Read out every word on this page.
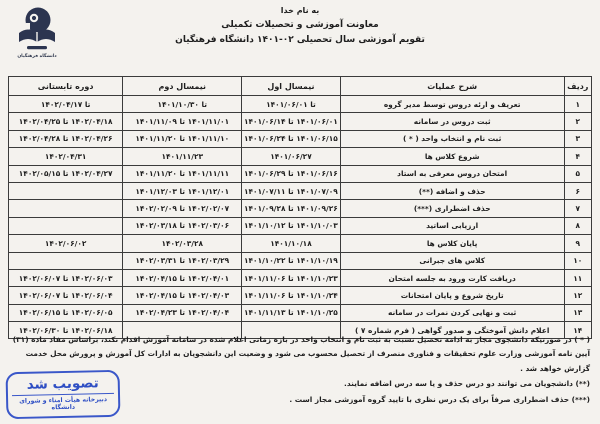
دانشگاه فرهنگیان
به نام خدا
معاونت آموزشی و تحصیلات تکمیلی
تقویم آموزشی سال تحصیلی ۰۲-۱۴۰۱ دانشگاه فرهنگیان
ردیف	شرح عملیات	نیمسال اول	نیمسال دوم	دوره تابستانی
۱	تعریف و ارئه دروس توسط مدیر گروه	تا ۱۴۰۱/۰۶/۰۱	تا ۱۴۰۱/۱۰/۳۰	تا ۱۴۰۲/۰۴/۱۷
۲	ثبت دروس در سامانه	۱۴۰۱/۰۶/۰۱ تا ۱۴۰۱/۰۶/۱۴	۱۴۰۱/۱۱/۰۱ تا ۱۴۰۱/۱۱/۰۹	۱۴۰۲/۰۴/۱۸ تا ۱۴۰۲/۰۴/۲۵
۳	ثبت نام و انتخاب واحد ( * )	۱۴۰۱/۰۶/۱۵ تا ۱۴۰۱/۰۶/۲۴	۱۴۰۱/۱۱/۱۰ تا ۱۴۰۱/۱۱/۲۰	۱۴۰۲/۰۴/۲۶ تا ۱۴۰۲/۰۴/۲۸
۴	شروع کلاس ها	۱۴۰۱/۰۶/۲۷	۱۴۰۱/۱۱/۲۳	۱۴۰۲/۰۴/۳۱
۵	امتحان دروس معرفی به استاد	۱۴۰۱/۰۶/۱۶ تا ۱۴۰۱/۰۶/۲۹	۱۴۰۱/۱۱/۱۱ تا ۱۴۰۱/۱۱/۲۰	۱۴۰۲/۰۴/۲۷ تا ۱۴۰۲/۰۵/۱۵
۶	حذف و اضافه (**)	۱۴۰۱/۰۷/۰۹ تا ۱۴۰۱/۰۷/۱۱	۱۴۰۱/۱۲/۰۱ تا ۱۴۰۱/۱۲/۰۳	
۷	حذف اضطراری (***)	۱۴۰۱/۰۹/۲۶ تا ۱۴۰۱/۰۹/۲۸	۱۴۰۲/۰۲/۰۷ تا ۱۴۰۲/۰۲/۰۹	
۸	ارزیابی اساتید	۱۴۰۱/۱۰/۰۳ تا ۱۴۰۱/۱۰/۱۲	۱۴۰۲/۰۳/۰۶ تا ۱۴۰۲/۰۳/۱۸	
۹	پایان کلاس ها	۱۴۰۱/۱۰/۱۸	۱۴۰۲/۰۳/۲۸	۱۴۰۲/۰۶/۰۲
۱۰	کلاس های جبرانی	۱۴۰۱/۱۰/۱۹ تا ۱۴۰۱/۱۰/۲۲	۱۴۰۲/۰۳/۲۹ تا ۱۴۰۲/۰۳/۳۱	
۱۱	دریافت کارت ورود به جلسه امتحان	۱۴۰۱/۱۰/۲۳ تا ۱۴۰۱/۱۱/۰۶	۱۴۰۲/۰۴/۰۱ تا ۱۴۰۲/۰۴/۱۵	۱۴۰۲/۰۶/۰۳ تا ۱۴۰۲/۰۶/۰۷
۱۲	تاریخ شروع و پایان امتحانات	۱۴۰۱/۱۰/۲۴ تا ۱۴۰۱/۱۱/۰۶	۱۴۰۲/۰۴/۰۳ تا ۱۴۰۲/۰۴/۱۵	۱۴۰۲/۰۶/۰۴ تا ۱۴۰۲/۰۶/۰۷
۱۳	ثبت و نهایی کردن نمرات در سامانه	۱۴۰۱/۱۰/۲۵ تا ۱۴۰۱/۱۱/۱۳	۱۴۰۲/۰۴/۰۴ تا ۱۴۰۲/۰۴/۲۳	۱۴۰۲/۰۶/۰۵ تا ۱۴۰۲/۰۶/۱۵
۱۴	اعلام دانش آموختگی و صدور گواهی ( فرم شماره ۷ )			۱۴۰۲/۰۶/۱۸ تا ۱۴۰۲/۰۶/۳۰

( * ) در صورتیکه دانشجوی مجاز به ادامه تحصیل نسبت به ثبت نام و انتخاب واحد در بازه زمانی اعلام شده در سامانه آموزش اقدام نکند، براساس مفاد ماده (۳۱) آیین نامه آموزشی وزارت علوم تحقیقات و فناوری منصرف از تحصیل محسوب می شود و وضعیت این دانشجویان به ادارات کل آموزش و پرورش محل خدمت گزارش خواهد شد .

(**) دانشجویان می توانند دو درس حذف و یا سه درس اضافه نمایند.

(***) حذف اضطراری صرفاً برای یک درس نظری با تایید گروه آموزشی مجاز است .

تصویب شد
دبیرخانه هیأت امناء و شورای دانشگاه
